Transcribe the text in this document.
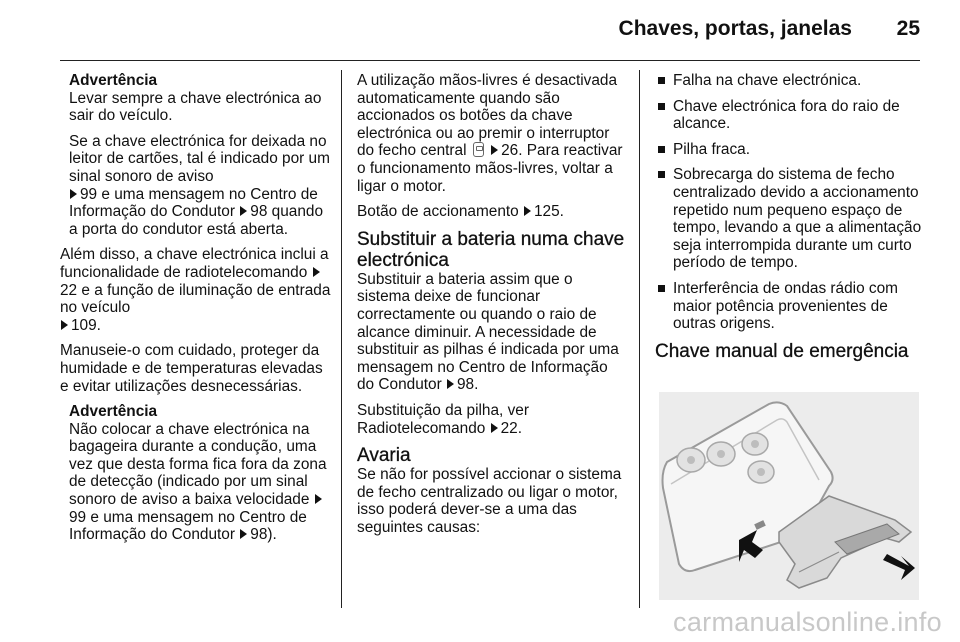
Chaves, portas, janelas 25
Advertência

Levar sempre a chave electrónica ao sair do veículo.

Se a chave electrónica for deixada no leitor de cartões, tal é indicado por um sinal sonoro de aviso
99 e uma mensagem no Centro de Informação do Condutor 98 quando a porta do condutor está aberta.

Além disso, a chave electrónica inclui a funcionalidade de radiotelecomando 22 e a função de iluminação de entrada no veículo
109.

Manuseie-o com cuidado, proteger da humidade e de temperaturas elevadas e evitar utilizações desnecessárias.

Advertência

Não colocar a chave electrónica na bagageira durante a condução, uma vez que desta forma fica fora da zona de detecção (indicado por um sinal sonoro de aviso a baixa velocidade 99 e uma mensagem no Centro de Informação do Condutor 98).

A utilização mãos-livres é desactivada automaticamente quando são accionados os botões da chave electrónica ou ao premir o interruptor do fecho central 26. Para reactivar o funcionamento mãos-livres, voltar a ligar o motor.

Botão de accionamento 125.

Substituir a bateria numa chave electrónica

Substituir a bateria assim que o sistema deixe de funcionar correctamente ou quando o raio de alcance diminuir. A necessidade de substituir as pilhas é indicada por uma mensagem no Centro de Informação do Condutor 98.

Substituição da pilha, ver Radiotelecomando 22.

Avaria

Se não for possível accionar o sistema de fecho centralizado ou ligar o motor, isso poderá dever-se a uma das seguintes causas:

Falha na chave electrónica.
Chave electrónica fora do raio de alcance.
Pilha fraca.
Sobrecarga do sistema de fecho centralizado devido a accionamento repetido num pequeno espaço de tempo, levando a que a alimentação seja interrompida durante um curto período de tempo.
Interferência de ondas rádio com maior potência provenientes de outras origens.
Chave manual de emergência
carmanualsonline.info
